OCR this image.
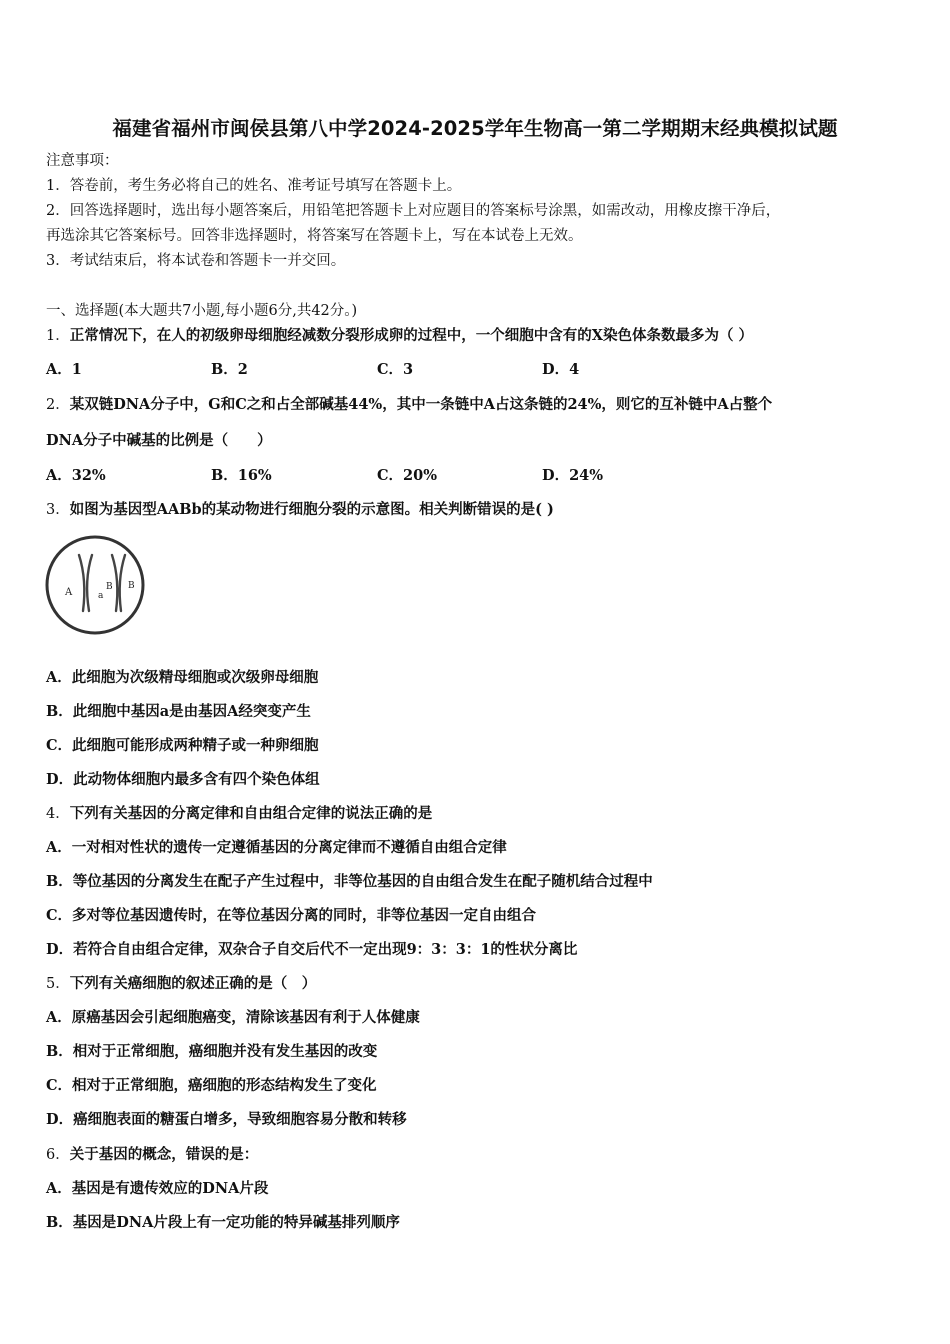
福建省福州市闽侯县第八中学2024-2025学年生物高一第二学期期末经典模拟试题
注意事项：
1．答卷前，考生务必将自己的姓名、准考证号填写在答题卡上。
2．回答选择题时，选出每小题答案后，用铅笔把答题卡上对应题目的答案标号涂黑，如需改动，用橡皮擦干净后，
再选涂其它答案标号。回答非选择题时，将答案写在答题卡上，写在本试卷上无效。
3．考试结束后，将本试卷和答题卡一并交回。
一、选择题(本大题共7小题,每小题6分,共42分。)
1．正常情况下，在人的初级卵母细胞经减数分裂形成卵的过程中，一个细胞中含有的X染色体条数最多为（ ）
A．1	B．2	C．3	D．4
2．某双链DNA分子中，G和C之和占全部碱基44%，其中一条链中A占这条链的24%，则它的互补链中A占整个
DNA分子中碱基的比例是（　　）
A．32%	B．16%	C．20%	D．24%
3．如图为基因型AABb的某动物进行细胞分裂的示意图。相关判断错误的是( )
A	a
B B
A．此细胞为次级精母细胞或次级卵母细胞
B．此细胞中基因a是由基因A经突变产生
C．此细胞可能形成两种精子或一种卵细胞
D．此动物体细胞内最多含有四个染色体组
4．下列有关基因的分离定律和自由组合定律的说法正确的是
A．一对相对性状的遗传一定遵循基因的分离定律而不遵循自由组合定律
B．等位基因的分离发生在配子产生过程中，非等位基因的自由组合发生在配子随机结合过程中
C．多对等位基因遗传时，在等位基因分离的同时，非等位基因一定自由组合
D．若符合自由组合定律，双杂合子自交后代不一定出现9：3：3：1的性状分离比
5．下列有关癌细胞的叙述正确的是（　）
A．原癌基因会引起细胞癌变，清除该基因有利于人体健康
B．相对于正常细胞，癌细胞并没有发生基因的改变
C．相对于正常细胞，癌细胞的形态结构发生了变化
D．癌细胞表面的糖蛋白增多，导致细胞容易分散和转移
6．关于基因的概念，错误的是：
A．基因是有遗传效应的DNA片段
B．基因是DNA片段上有一定功能的特异碱基排列顺序
